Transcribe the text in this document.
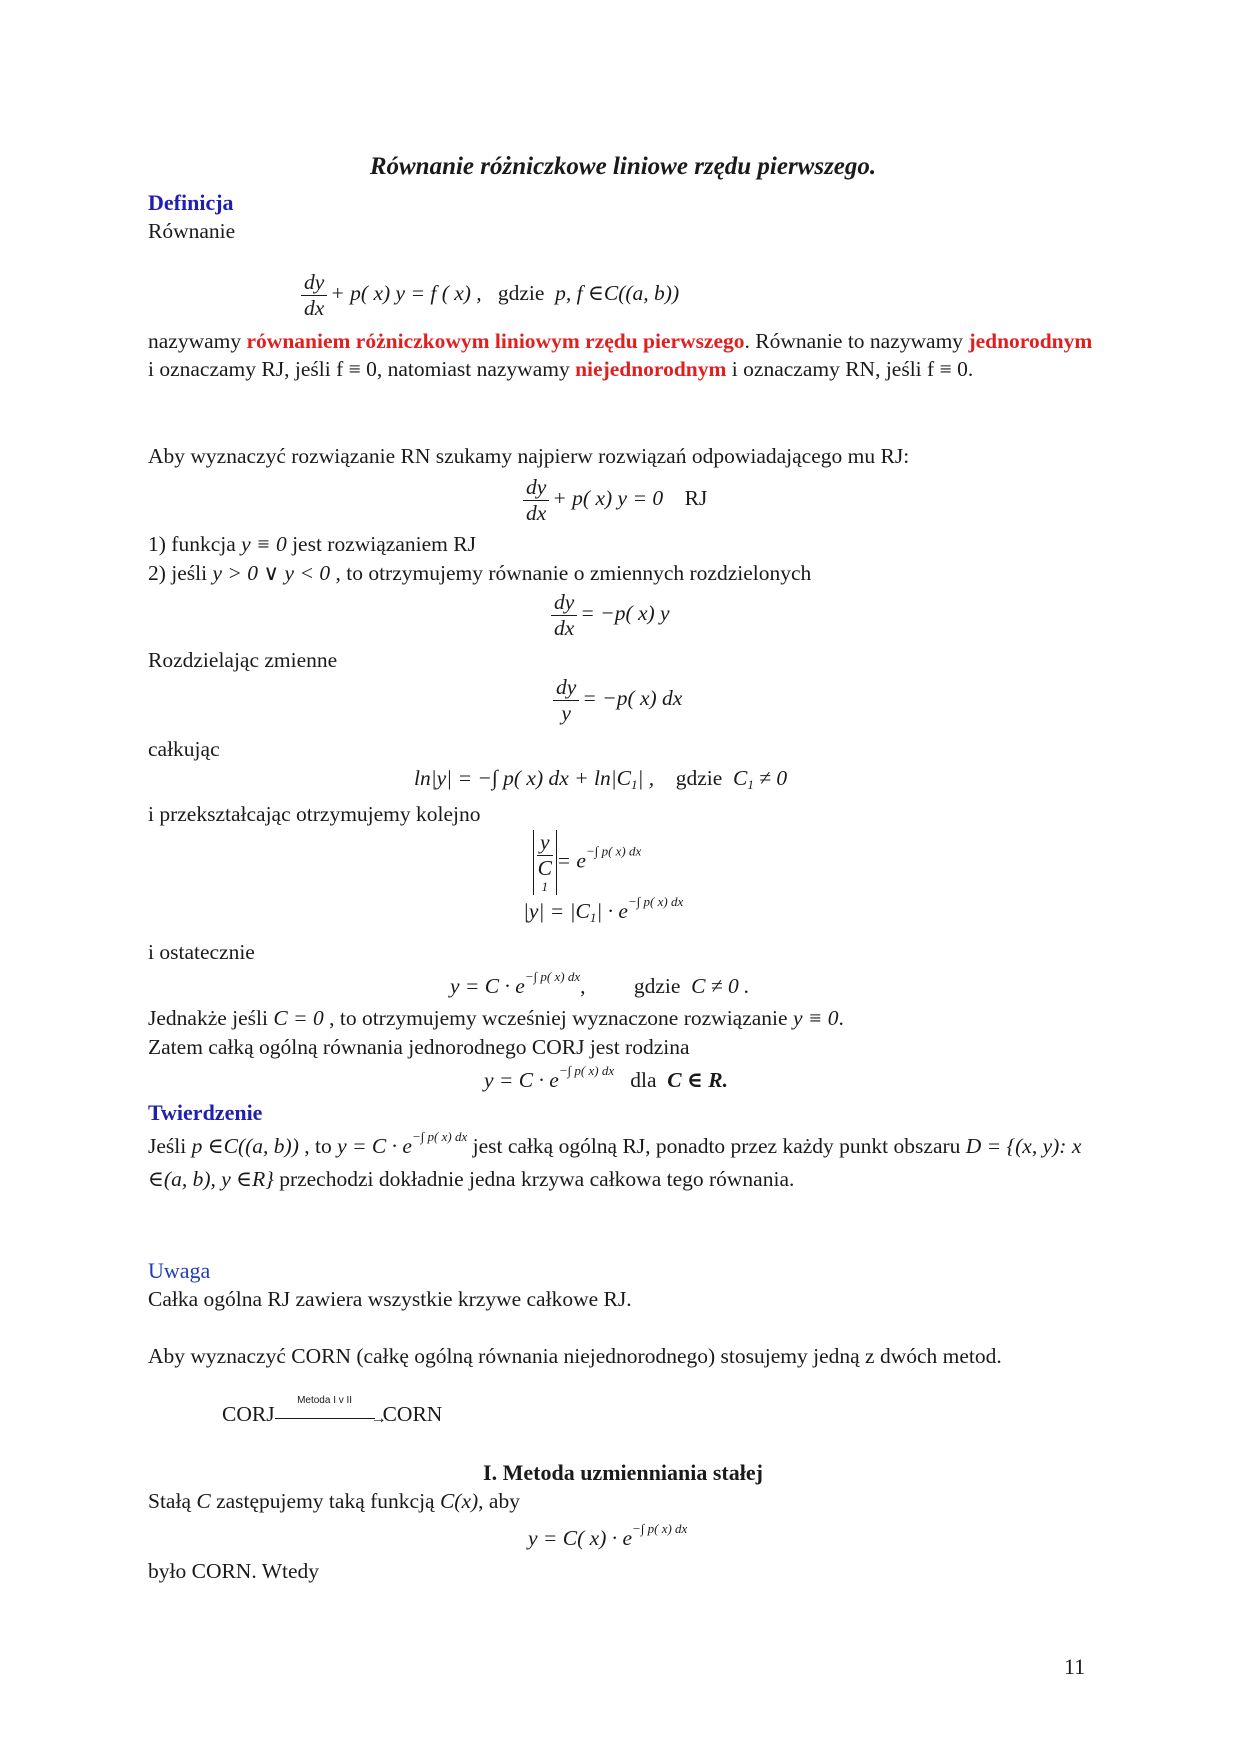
Równanie różniczkowe liniowe rzędu pierwszego.

Definicja

Równanie

$\frac{dy}{dx} + p$( x) y = f ( x) , gdzie p, f ∈C((a, b))

nazywamy równaniem różniczkowym liniowym rzędu pierwszego. Równanie to nazywamy jednorodnym i oznaczamy RJ, jeśli f ≡ 0, natomiast nazywamy niejednorodnym i oznaczamy RN, jeśli f ≡ 0.

Aby wyznaczyć rozwiązanie RN szukamy najpierw rozwiązań odpowiadającego mu RJ:
$\frac{dy}{dx} + p$( x) y = 0 RJ
1) funkcja y ≡ 0 jest rozwiązaniem RJ
2) jeśli y > 0 ∨ y < 0 , to otrzymujemy równanie o zmiennych rozdzielonych
$\frac{dy}{dx} = -p$( x) y
Rozdzielając zmienne
$\frac{dy}{y} = -p$( x) dx
całkując
ln|y| = −∫ p( x) dx + $\ln|C_1|$ , gdzie $C_1 \ne 0$
i przekształcając otrzymujemy kolejno
y
C
$1 = e^{-\int p( x) dx}$
$|y| = |C_1| \cdot e^{-\int p( x) dx}$
i ostatecznie
$y = C \cdot e^{-\int p( x) dx}$, gdzie C ≠ 0 .
Jednakże jeśli C = 0 , to otrzymujemy wcześniej wyznaczone rozwiązanie y ≡ 0.
Zatem całką ogólną równania jednorodnego CORJ jest rodzina
$y = C \cdot e^{-\int p( x) dx}$ dla C ∈ R.

Twierdzenie

Jeśli p ∈C((a, b)) , to $y = C \cdot e^{-\int p( x) dx}$ jest całką ogólną RJ, ponadto przez każdy punkt obszaru D = {(x, y): x ∈(a, b), y ∈R} przechodzi dokładnie jedna krzywa całkowa tego równania.

Uwaga

Całka ogólna RJ zawiera wszystkie krzywe całkowe RJ.

Aby wyznaczyć CORN (całkę ogólną równania niejednorodnego) stosujemy jedną z dwóch metod.
CORJ
Metoda I v II
→
CORN
I. Metoda uzmienniania stałej
Stałą C zastępujemy taką funkcją C(x), aby
y = C( $x) \cdot e^{-\int p( x) dx}$
było CORN. Wtedy
11
